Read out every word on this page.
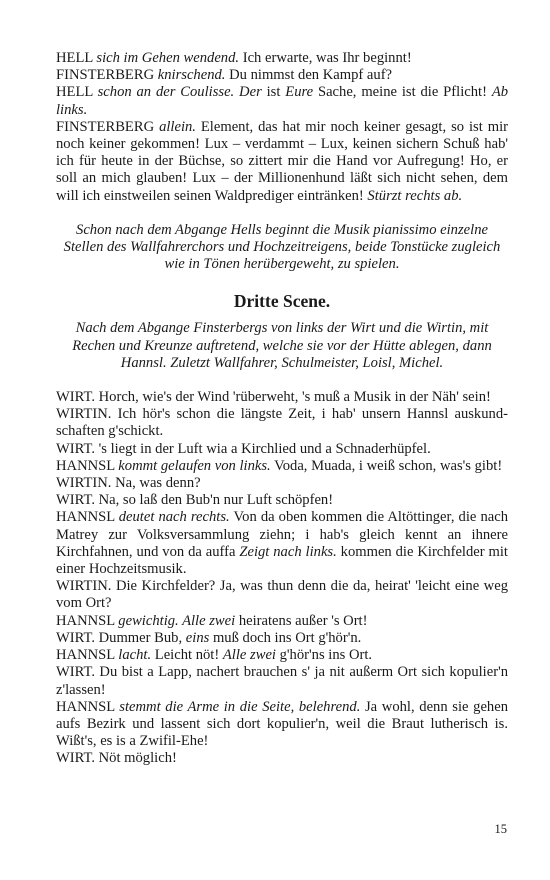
HELL sich im Gehen wendend. Ich erwarte, was Ihr beginnt!

FINSTERBERG knirschend. Du nimmst den Kampf auf?

HELL schon an der Coulisse. Der ist Eure Sache, meine ist die Pflicht! Ab links.

FINSTERBERG allein. Element, das hat mir noch keiner gesagt, so ist mir noch keiner gekommen! Lux – verdammt – Lux, keinen sichern Schuß hab' ich für heute in der Büchse, so zittert mir die Hand vor Aufregung! Ho, er soll an mich glauben! Lux – der Millionenhund läßt sich nicht sehen, dem will ich einstweilen seinen Waldprediger eintränken! Stürzt rechts ab.

Schon nach dem Abgange Hells beginnt die Musik pianissimo einzelne Stellen des Wallfahrerchors und Hochzeitreigens, beide Tonstücke zugleich wie in Tönen herübergeweht, zu spielen.

Dritte Scene.

Nach dem Abgange Finsterbergs von links der Wirt und die Wirtin, mit Rechen und Kreunze auftretend, welche sie vor der Hütte ablegen, dann Hannsl. Zuletzt Wallfahrer, Schulmeister, Loisl, Michel.

WIRT. Horch, wie's der Wind 'rüberweht, 's muß a Musik in der Näh' sein!

WIRTIN. Ich hör's schon die längste Zeit, i hab' unsern Hannsl auskundschaften g'schickt.

WIRT. 's liegt in der Luft wia a Kirchlied und a Schnaderhüpfel.

HANNSL kommt gelaufen von links. Voda, Muada, i weiß schon, was's gibt!

WIRTIN. Na, was denn?

WIRT. Na, so laß den Bub'n nur Luft schöpfen!

HANNSL deutet nach rechts. Von da oben kommen die Altöttinger, die nach Matrey zur Volksversammlung ziehn; i hab's gleich kennt an ihnere Kirchfahnen, und von da auffa Zeigt nach links. kommen die Kirchfelder mit einer Hochzeitsmusik.

WIRTIN. Die Kirchfelder? Ja, was thun denn die da, heirat' 'leicht eine weg vom Ort?

HANNSL gewichtig. Alle zwei heiratens außer 's Ort!

WIRT. Dummer Bub, eins muß doch ins Ort g'hör'n.

HANNSL lacht. Leicht nöt! Alle zwei g'hör'ns ins Ort.

WIRT. Du bist a Lapp, nachert brauchen s' ja nit außerm Ort sich kopulier'n z'lassen!

HANNSL stemmt die Arme in die Seite, belehrend. Ja wohl, denn sie gehen aufs Bezirk und lassent sich dort kopulier'n, weil die Braut lutherisch is. Wißt's, es is a Zwifil-Ehe!

WIRT. Nöt möglich!

15
